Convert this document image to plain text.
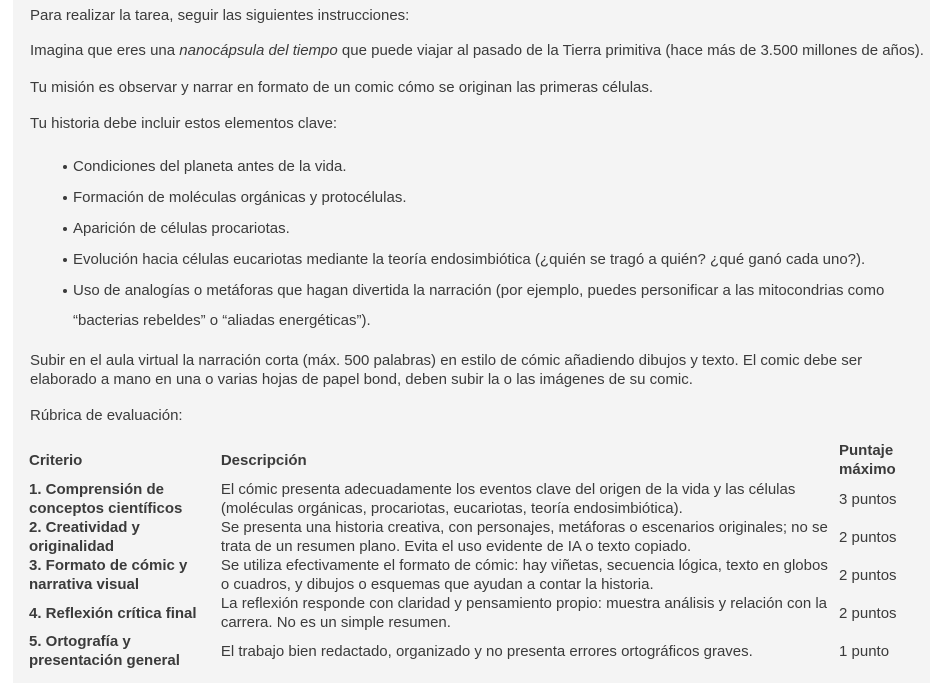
Para realizar la tarea, seguir las siguientes instrucciones:

Imagina que eres una nanocápsula del tiempo que puede viajar al pasado de la Tierra primitiva (hace más de 3.500 millones de años).

Tu misión es observar y narrar en formato de un comic cómo se originan las primeras células.

Tu historia debe incluir estos elementos clave:

Condiciones del planeta antes de la vida.
Formación de moléculas orgánicas y protocélulas.
Aparición de células procariotas.
Evolución hacia células eucariotas mediante la teoría endosimbiótica (¿quién se tragó a quién? ¿qué ganó cada uno?).
Uso de analogías o metáforas que hagan divertida la narración (por ejemplo, puedes personificar a las mitocondrias como “bacterias rebeldes” o “aliadas energéticas”).

Subir en el aula virtual la narración corta (máx. 500 palabras) en estilo de cómic añadiendo dibujos y texto. El comic debe ser elaborado a mano en una o varias hojas de papel bond, deben subir la o las imágenes de su comic.

Rúbrica de evaluación:

Criterio	Descripción	Puntaje máximo
1. Comprensión de conceptos científicos	El cómic presenta adecuadamente los eventos clave del origen de la vida y las células (moléculas orgánicas, procariotas, eucariotas, teoría endosimbiótica).	3 puntos
2. Creatividad y originalidad	Se presenta una historia creativa, con personajes, metáforas o escenarios originales; no se trata de un resumen plano. Evita el uso evidente de IA o texto copiado.	2 puntos
3. Formato de cómic y narrativa visual	Se utiliza efectivamente el formato de cómic: hay viñetas, secuencia lógica, texto en globos o cuadros, y dibujos o esquemas que ayudan a contar la historia.	2 puntos
4. Reflexión crítica final	La reflexión responde con claridad y pensamiento propio: muestra análisis y relación con la carrera. No es un simple resumen.	2 puntos
5. Ortografía y presentación general	El trabajo bien redactado, organizado y no presenta errores ortográficos graves.	1 punto
